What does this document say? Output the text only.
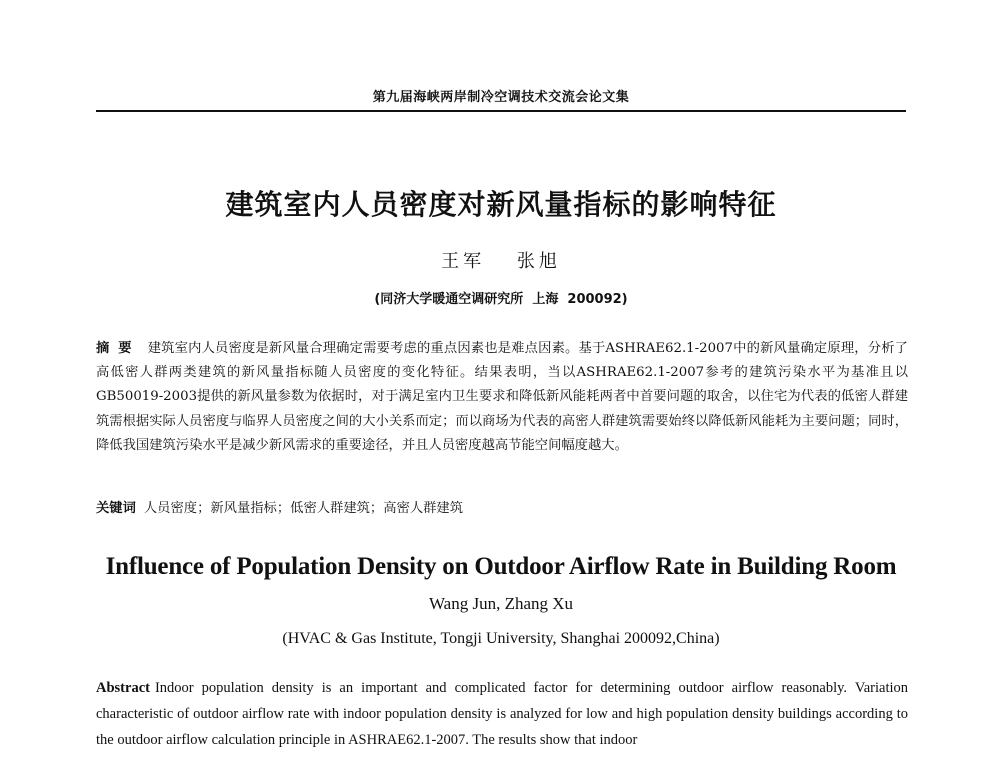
第九届海峡两岸制冷空调技术交流会论文集
建筑室内人员密度对新风量指标的影响特征
王军 张旭
(同济大学暖通空调研究所  上海  200092)
摘 要 建筑室内人员密度是新风量合理确定需要考虑的重点因素也是难点因素。基于ASHRAE62.1-2007中的新风量确定原理，分析了高低密人群两类建筑的新风量指标随人员密度的变化特征。结果表明，当以ASHRAE62.1-2007参考的建筑污染水平为基准且以GB50019-2003提供的新风量参数为依据时，对于满足室内卫生要求和降低新风能耗两者中首要问题的取舍，以住宅为代表的低密人群建筑需根据实际人员密度与临界人员密度之间的大小关系而定；而以商场为代表的高密人群建筑需要始终以降低新风能耗为主要问题；同时，降低我国建筑污染水平是减少新风需求的重要途径，并且人员密度越高节能空间幅度越大。
关键词 人员密度；新风量指标；低密人群建筑；高密人群建筑
Influence of Population Density on Outdoor Airflow Rate in Building Room
Wang Jun, Zhang Xu
(HVAC & Gas Institute, Tongji University, Shanghai 200092,China)
Abstract Indoor population density is an important and complicated factor for determining outdoor airflow reasonably. Variation characteristic of outdoor airflow rate with indoor population density is analyzed for low and high population density buildings according to the outdoor airflow calculation principle in ASHRAE62.1-2007. The results show that indoor
